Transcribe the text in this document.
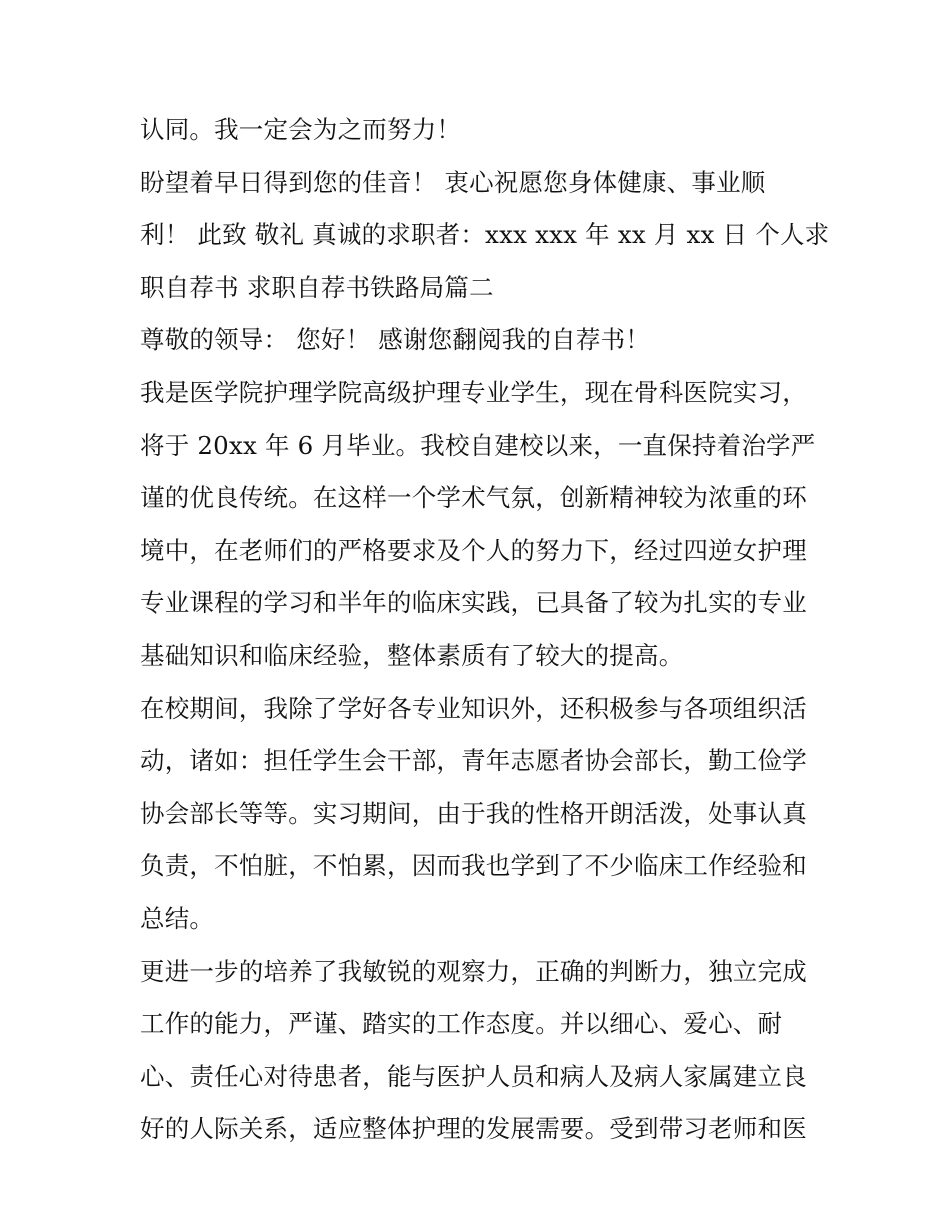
认同。我一定会为之而努力！
盼望着早日得到您的佳音！ 衷心祝愿您身体健康、事业顺
利！ 此致 敬礼 真诚的求职者：xxx xxx 年 xx 月 xx 日 个人求
职自荐书 求职自荐书铁路局篇二
尊敬的领导： 您好！ 感谢您翻阅我的自荐书！
我是医学院护理学院高级护理专业学生，现在骨科医院实习，
将于 20xx 年 6 月毕业。我校自建校以来，一直保持着治学严
谨的优良传统。在这样一个学术气氛，创新精神较为浓重的环
境中，在老师们的严格要求及个人的努力下，经过四逆女护理
专业课程的学习和半年的临床实践，已具备了较为扎实的专业
基础知识和临床经验，整体素质有了较大的提高。
在校期间，我除了学好各专业知识外，还积极参与各项组织活
动，诸如：担任学生会干部，青年志愿者协会部长，勤工俭学
协会部长等等。实习期间，由于我的性格开朗活泼，处事认真
负责，不怕脏，不怕累，因而我也学到了不少临床工作经验和
总结。
更进一步的培养了我敏锐的观察力，正确的判断力，独立完成
工作的能力，严谨、踏实的工作态度。并以细心、爱心、耐
心、责任心对待患者，能与医护人员和病人及病人家属建立良
好的人际关系，适应整体护理的发展需要。受到带习老师和医
